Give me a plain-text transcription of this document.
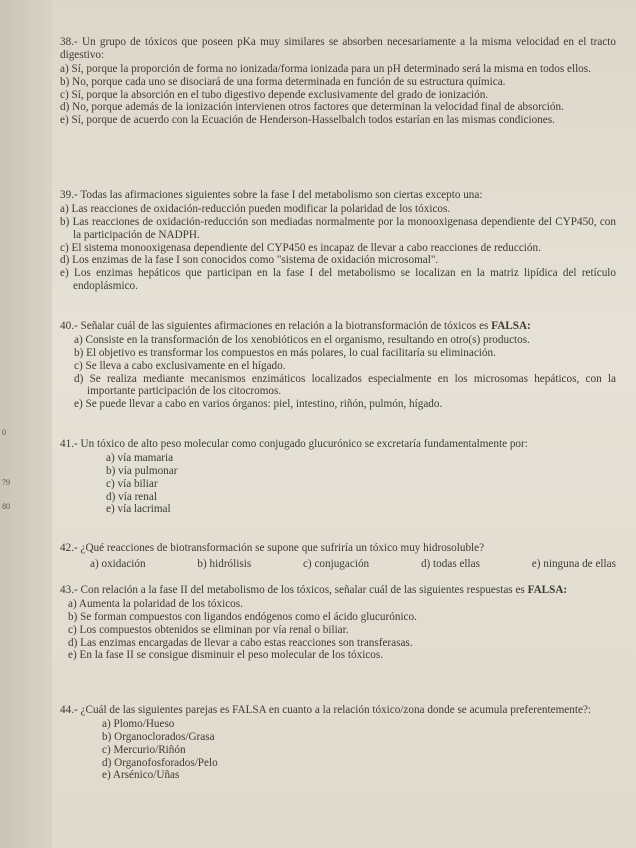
0
79
80

38.- Un grupo de tóxicos que poseen pKa muy similares se absorben necesariamente a la misma velocidad en el tracto digestivo:

a) Sí, porque la proporción de forma no ionizada/forma ionizada para un pH determinado será la misma en todos ellos.

b) No, porque cada uno se disociará de una forma determinada en función de su estructura química.

c) Sí, porque la absorción en el tubo digestivo depende exclusivamente del grado de ionización.

d) No, porque además de la ionización intervienen otros factores que determinan la velocidad final de absorción.

e) Sí, porque de acuerdo con la Ecuación de Henderson-Hasselbalch todos estarían en las mismas condiciones.

39.- Todas las afirmaciones siguientes sobre la fase I del metabolismo son ciertas excepto una:

a) Las reacciones de oxidación-reducción pueden modificar la polaridad de los tóxicos.

b) Las reacciones de oxidación-reducción son mediadas normalmente por la monooxigenasa dependiente del CYP450, con la participación de NADPH.

c) El sistema monooxigenasa dependiente del CYP450 es incapaz de llevar a cabo reacciones de reducción.

d) Los enzimas de la fase I son conocidos como "sistema de oxidación microsomal".

e) Los enzimas hepáticos que participan en la fase I del metabolismo se localizan en la matriz lipídica del retículo endoplásmico.

40.- Señalar cuál de las siguientes afirmaciones en relación a la biotransformación de tóxicos es FALSA:

a) Consiste en la transformación de los xenobióticos en el organismo, resultando en otro(s) productos.

b) El objetivo es transformar los compuestos en más polares, lo cual facilitaría su eliminación.

c) Se lleva a cabo exclusivamente en el hígado.

d) Se realiza mediante mecanismos enzimáticos localizados especialmente en los microsomas hepáticos, con la importante participación de los citocromos.

e) Se puede llevar a cabo en varios órganos: piel, intestino, riñón, pulmón, hígado.

41.- Un tóxico de alto peso molecular como conjugado glucurónico se excretaría fundamentalmente por:

a) vía mamaria

b) vía pulmonar

c) vía biliar

d) vía renal

e) vía lacrimal

42.- ¿Qué reacciones de biotransformación se supone que sufriría un tóxico muy hidrosoluble?

a) oxidación	b) hidrólisis	c) conjugación	d) todas ellas	e) ninguna de ellas

43.- Con relación a la fase II del metabolismo de los tóxicos, señalar cuál de las siguientes respuestas es FALSA:

a) Aumenta la polaridad de los tóxicos.

b) Se forman compuestos con ligandos endógenos como el ácido glucurónico.

c) Los compuestos obtenidos se eliminan por vía renal o biliar.

d) Las enzimas encargadas de llevar a cabo estas reacciones son transferasas.

e) En la fase II se consigue disminuir el peso molecular de los tóxicos.

44.- ¿Cuál de las siguientes parejas es FALSA en cuanto a la relación tóxico/zona donde se acumula preferentemente?:

a) Plomo/Hueso

b) Organoclorados/Grasa

c) Mercurio/Riñón

d) Organofosforados/Pelo

e) Arsénico/Uñas
